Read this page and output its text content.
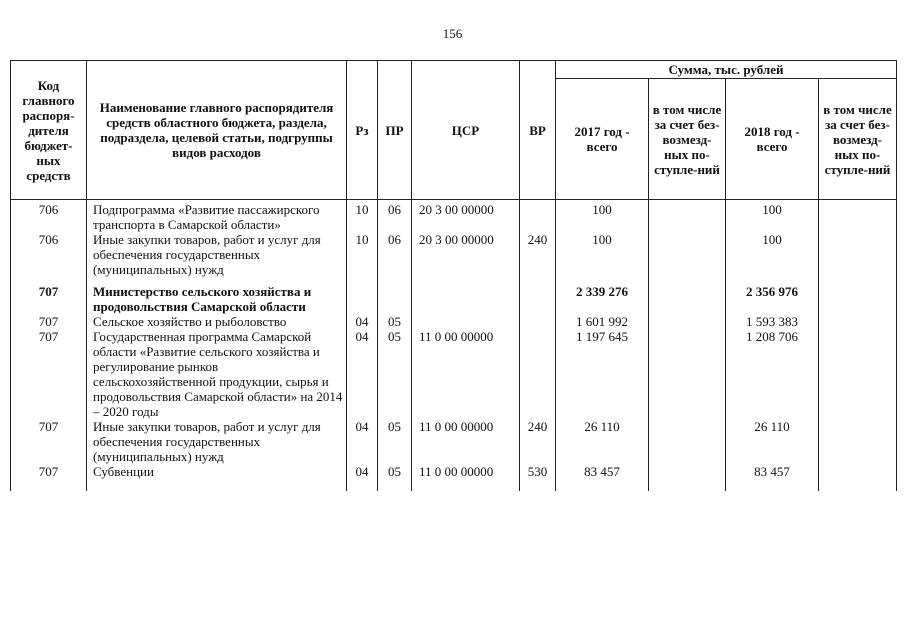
156
Код главного распоря-дителя бюджет-ных средств	Наименование главного распорядителя средств областного бюджета, раздела, подраздела, целевой статьи, подгруппы видов расходов	Рз	ПР	ЦСР	ВР	Сумма, тыс. рублей			
						2017 год - всего	в том числе за счет без-возмезд-ных по-ступле-ний	2018 год - всего	в том числе за счет без-возмезд-ных по-ступле-ний
706	Подпрограмма «Развитие пассажирского транспорта в Самарской области»	10	06	20 3 00 00000		100		100	
706	Иные закупки товаров, работ и услуг для обеспечения государственных (муниципальных) нужд	10	06	20 3 00 00000	240	100		100	

707	Министерство сельского хозяйства и продовольствия Самарской области					2 339 276		2 356 976	
707	Сельское хозяйство и рыболовство	04	05			1 601 992		1 593 383	
707	Государственная программа Самарской области «Развитие сельского хозяйства и регулирование рынков сельскохозяйственной продукции, сырья и продовольствия Самарской области» на 2014 – 2020 годы	04	05	11 0 00 00000		1 197 645		1 208 706	
707	Иные закупки товаров, работ и услуг для обеспечения государственных (муниципальных) нужд	04	05	11 0 00 00000	240	26 110		26 110	
707	Субвенции	04	05	11 0 00 00000	530	83 457		83 457	
